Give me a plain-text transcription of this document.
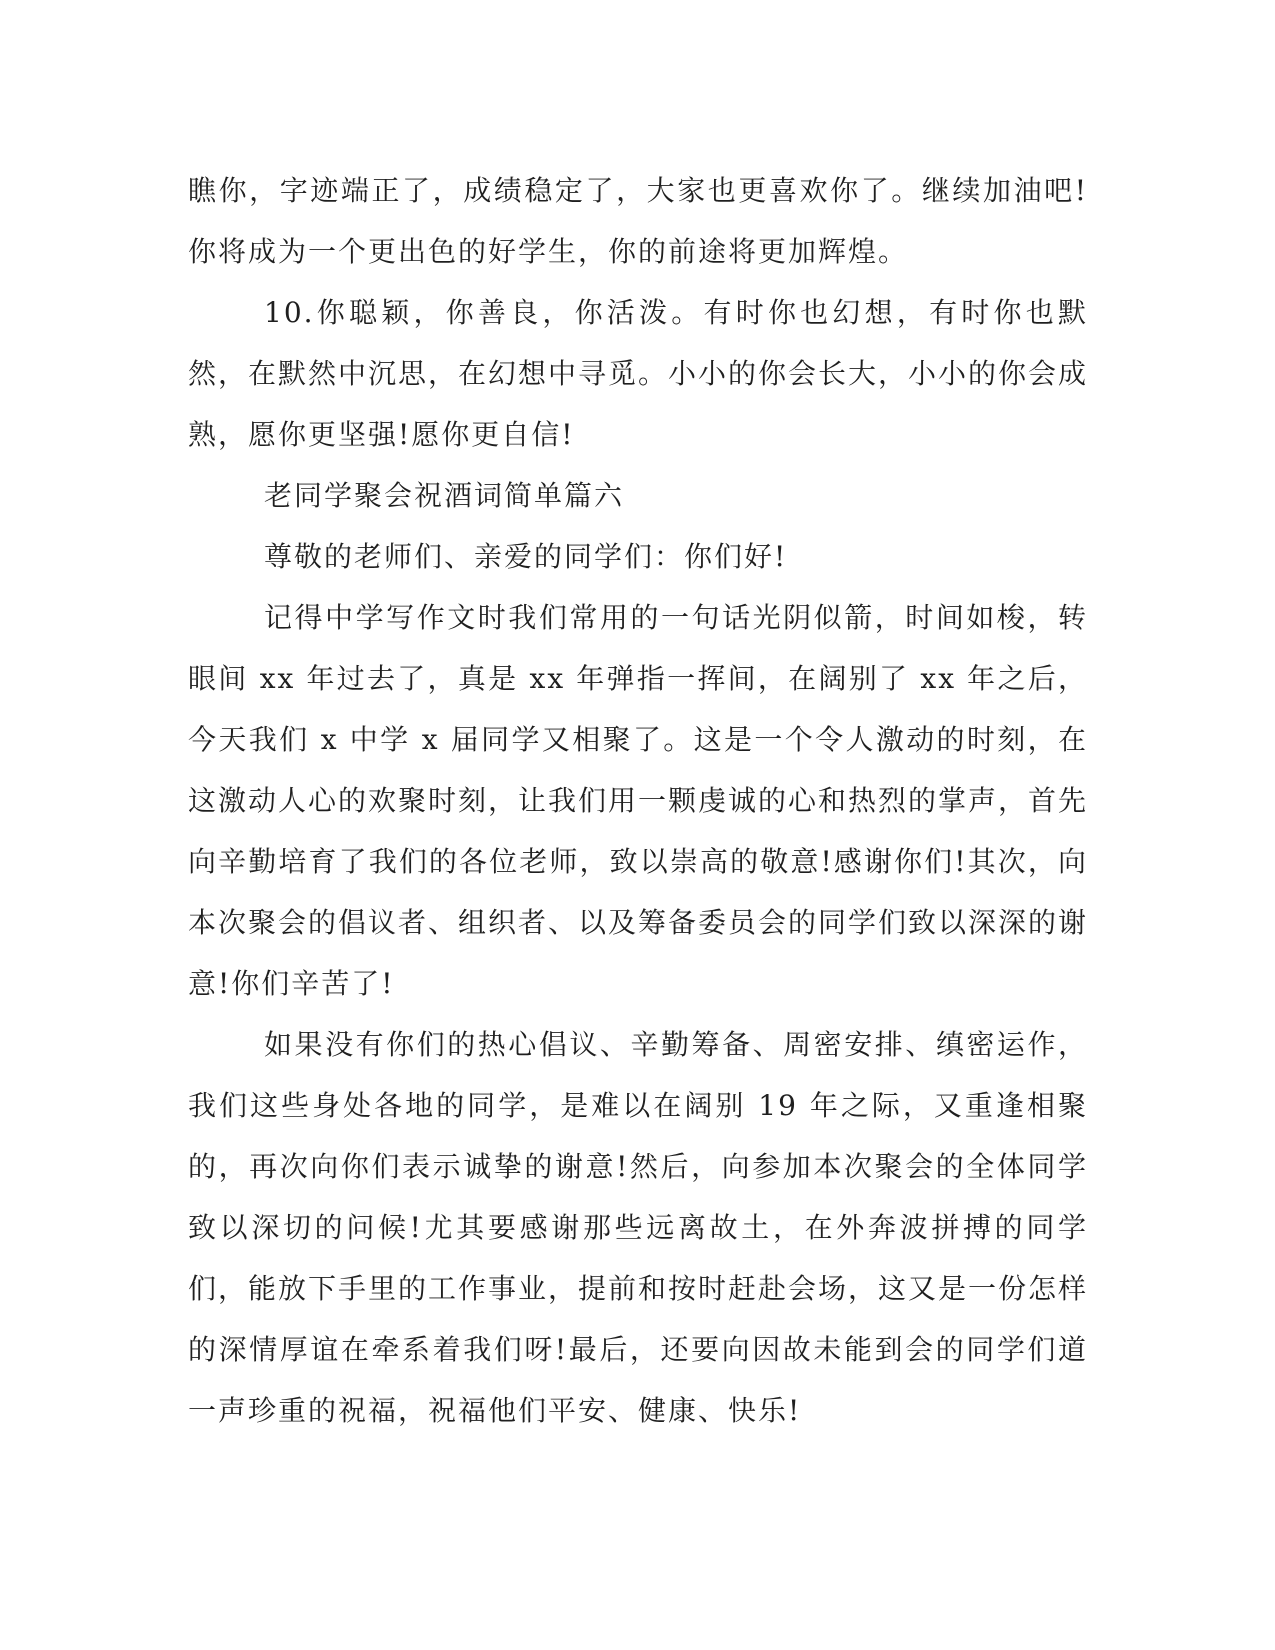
瞧你，字迹端正了，成绩稳定了，大家也更喜欢你了。继续加油吧!你将成为一个更出色的好学生，你的前途将更加辉煌。

10.你聪颖，你善良，你活泼。有时你也幻想，有时你也默然，在默然中沉思，在幻想中寻觅。小小的你会长大，小小的你会成熟，愿你更坚强!愿你更自信!

老同学聚会祝酒词简单篇六

尊敬的老师们、亲爱的同学们：你们好!

记得中学写作文时我们常用的一句话光阴似箭，时间如梭，转眼间 xx 年过去了，真是 xx 年弹指一挥间，在阔别了 xx 年之后，今天我们 x 中学 x 届同学又相聚了。这是一个令人激动的时刻，在这激动人心的欢聚时刻，让我们用一颗虔诚的心和热烈的掌声，首先向辛勤培育了我们的各位老师，致以崇高的敬意!感谢你们!其次，向本次聚会的倡议者、组织者、以及筹备委员会的同学们致以深深的谢意!你们辛苦了!

如果没有你们的热心倡议、辛勤筹备、周密安排、缜密运作，我们这些身处各地的同学，是难以在阔别 19 年之际，又重逢相聚的，再次向你们表示诚挚的谢意!然后，向参加本次聚会的全体同学致以深切的问候!尤其要感谢那些远离故土，在外奔波拼搏的同学们，能放下手里的工作事业，提前和按时赶赴会场，这又是一份怎样的深情厚谊在牵系着我们呀!最后，还要向因故未能到会的同学们道一声珍重的祝福，祝福他们平安、健康、快乐!
